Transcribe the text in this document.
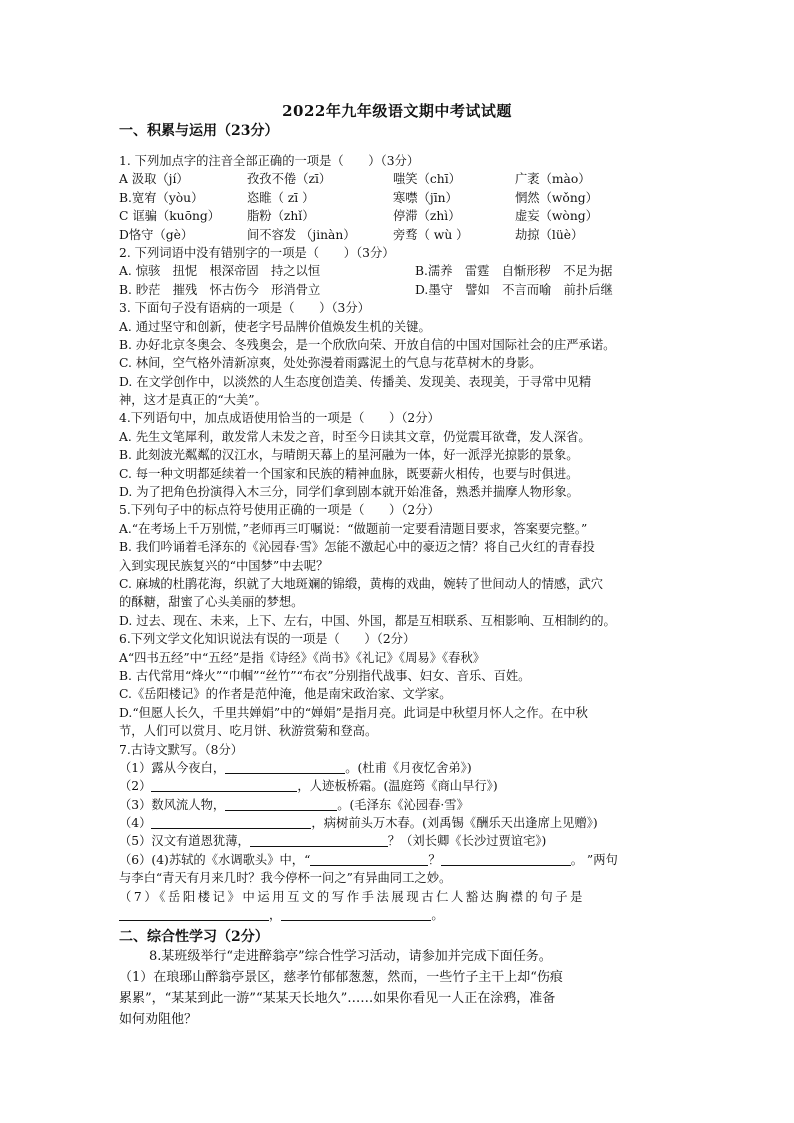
2022年九年级语文期中考试试题
一、积累与运用（23分）
1. 下列加点字的注音全部正确的一项是（　　）（3分）
A 汲取（jí）	孜孜不倦（zī）	嗤笑（chī）	广袤（mào）
B.宽宥（yòu）	恣睢（ zī ）	寒噤（jīn）	惘然（wǒng）
C 诓骗（kuōng） 脂粉（zhǐ）	停滞（zhì）	虚妄（wòng）
D恪守（gè）	间不容发 （jinàn）	旁骛（ wù ）	劫掠（lüè）
2. 下列词语中没有错别字的一项是（　　）（3分）
A. 惊骇　扭怩　根深帝固　持之以恒	B.濡养　雷霆　自惭形秽　不足为据
B. 眇茫　摧残　怀古伤今　形消骨立	D.墨守　譬如　不言而喻　前扑后继
3. 下面句子没有语病的一项是（　　）（3分）
A. 通过坚守和创新，使老字号品牌价值焕发生机的关键。
B. 办好北京冬奥会、冬残奥会，是一个欣欣向荣、开放自信的中国对国际社会的庄严承诺。
C. 林间，空气格外清新凉爽，处处弥漫着雨露泥土的气息与花草树木的身影。
D. 在文学创作中，以淡然的人生态度创造美、传播美、发现美、表现美，于寻常中见精
神，这才是真正的“大美”。
4.下列语句中，加点成语使用恰当的一项是（　　）（2分）
A. 先生文笔犀利，敢发常人未发之音，时至今日读其文章，仍觉震耳欲聋，发人深省。
B. 此刻波光粼粼的汉江水，与晴朗天幕上的星河融为一体，好一派浮光掠影的景象。
C. 每一种文明都延续着一个国家和民族的精神血脉，既要薪火相传，也要与时俱进。
D. 为了把角色扮演得入木三分，同学们拿到剧本就开始准备，熟悉并揣摩人物形象。
5.下列句子中的标点符号使用正确的一项是（　　）（2分）
A.“在考场上千万别慌，”老师再三叮嘱说：“做题前一定要看清题目要求，答案要完整。”
B. 我们吟诵着毛泽东的《沁园春·雪》怎能不激起心中的豪迈之情？将自己火红的青春投
入到实现民族复兴的“中国梦”中去呢？
C. 麻城的杜鹃花海，织就了大地斑斓的锦缎，黄梅的戏曲，婉转了世间动人的情感，武穴
的酥糖，甜蜜了心头美丽的梦想。
D. 过去、现在、未来，上下、左右，中国、外国，都是互相联系、互相影响、互相制约的。
6.下列文学文化知识说法有误的一项是（　　）（2分）
A“四书五经”中“五经”是指《诗经》《尚书》《礼记》《周易》《春秋》
B. 古代常用“烽火”“巾帼”“丝竹”“布衣”分别指代战事、妇女、音乐、百姓。
C.《岳阳楼记》的作者是范仲淹，他是南宋政治家、文学家。
D.“但愿人长久，千里共婵娟”中的“婵娟”是指月亮。此词是中秋望月怀人之作。在中秋
节，人们可以赏月、吃月饼、秋游赏菊和登高。
7.古诗文默写。（8分）
（1）露从今夜白，	。(杜甫《月夜忆舍弟》)
（2）	，人迹板桥霜。(温庭筠《商山早行》)
（3）数风流人物，	。(毛泽东《沁园春·雪》
（4）	，病树前头万木春。(刘禹锡《酬乐天出逢席上见赠》)
（5）汉文有道恩犹薄，	？（刘长卿《长沙过贾谊宅》)
（6）(4)苏轼的《水调歌头》中，“	？	。 ”两句
与李白“青天有月来几时？我今停杯一问之”有异曲同工之妙。
（7）《岳阳楼记》中运用互文的写作手法展现古仁人豁达胸襟的句子是
，	。
二、综合性学习（2分）
8.某班级举行“走进醉翁亭”综合性学习活动，请参加并完成下面任务。
（1）在琅琊山醉翁亭景区，慈孝竹郁郁葱葱，然而，一些竹子主干上却“伤痕
累累”，“某某到此一游”“某某天长地久”……如果你看见一人正在涂鸦，准备
如何劝阻他？
